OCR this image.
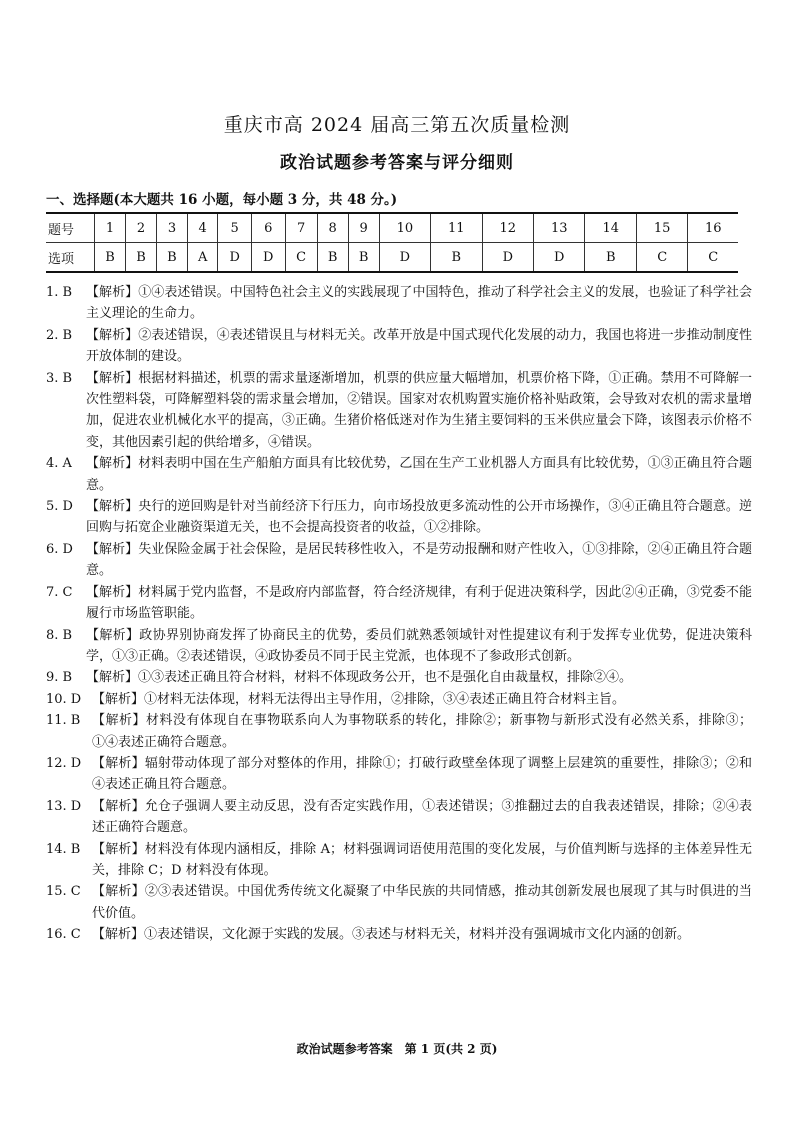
重庆市高 2024 届高三第五次质量检测
政治试题参考答案与评分细则
一、选择题(本大题共 16 小题，每小题 3 分，共 48 分。)
题号	1	2	3	4	5	6	7	8	9	10	11	12	13	14	15	16
选项	B	B	B	A	D	D	C	B	B	D	B	D	D	B	C	C
1. B	【解析】①④表述错误。中国特色社会主义的实践展现了中国特色，推动了科学社会主义的发展，也验证了科学社会主义理论的生命力。
2. B	【解析】②表述错误，④表述错误且与材料无关。改革开放是中国式现代化发展的动力，我国也将进一步推动制度性开放体制的建设。
3. B	【解析】根据材料描述，机票的需求量逐渐增加，机票的供应量大幅增加，机票价格下降，①正确。禁用不可降解一次性塑料袋，可降解塑料袋的需求量会增加，②错误。国家对农机购置实施价格补贴政策，会导致对农机的需求量增加，促进农业机械化水平的提高，③正确。生猪价格低迷对作为生猪主要饲料的玉米供应量会下降，该图表示价格不变，其他因素引起的供给增多，④错误。
4. A	【解析】材料表明中国在生产船舶方面具有比较优势，乙国在生产工业机器人方面具有比较优势，①③正确且符合题意。
5. D	【解析】央行的逆回购是针对当前经济下行压力，向市场投放更多流动性的公开市场操作，③④正确且符合题意。逆回购与拓宽企业融资渠道无关，也不会提高投资者的收益，①②排除。
6. D	【解析】失业保险金属于社会保险，是居民转移性收入，不是劳动报酬和财产性收入，①③排除，②④正确且符合题意。
7. C	【解析】材料属于党内监督，不是政府内部监督，符合经济规律，有利于促进决策科学，因此②④正确，③党委不能履行市场监管职能。
8. B	【解析】政协界别协商发挥了协商民主的优势，委员们就熟悉领域针对性提建议有利于发挥专业优势，促进决策科学，①③正确。②表述错误，④政协委员不同于民主党派，也体现不了参政形式创新。
9. B	【解析】①③表述正确且符合材料，材料不体现政务公开，也不是强化自由裁量权，排除②④。
10. D 【解析】①材料无法体现，材料无法得出主导作用，②排除，③④表述正确且符合材料主旨。
11. B 【解析】材料没有体现自在事物联系向人为事物联系的转化，排除②；新事物与新形式没有必然关系，排除③；①④表述正确符合题意。
12. D 【解析】辐射带动体现了部分对整体的作用，排除①；打破行政壁垒体现了调整上层建筑的重要性，排除③；②和④表述正确且符合题意。
13. D 【解析】允仓子强调人要主动反思，没有否定实践作用，①表述错误；③推翻过去的自我表述错误，排除；②④表述正确符合题意。
14. B 【解析】材料没有体现内涵相反，排除 A；材料强调词语使用范围的变化发展，与价值判断与选择的主体差异性无关，排除 C；D 材料没有体现。
15. C 【解析】②③表述错误。中国优秀传统文化凝聚了中华民族的共同情感，推动其创新发展也展现了其与时俱进的当代价值。
16. C 【解析】①表述错误，文化源于实践的发展。③表述与材料无关，材料并没有强调城市文化内涵的创新。
政治试题参考答案　第 1 页(共 2 页)
